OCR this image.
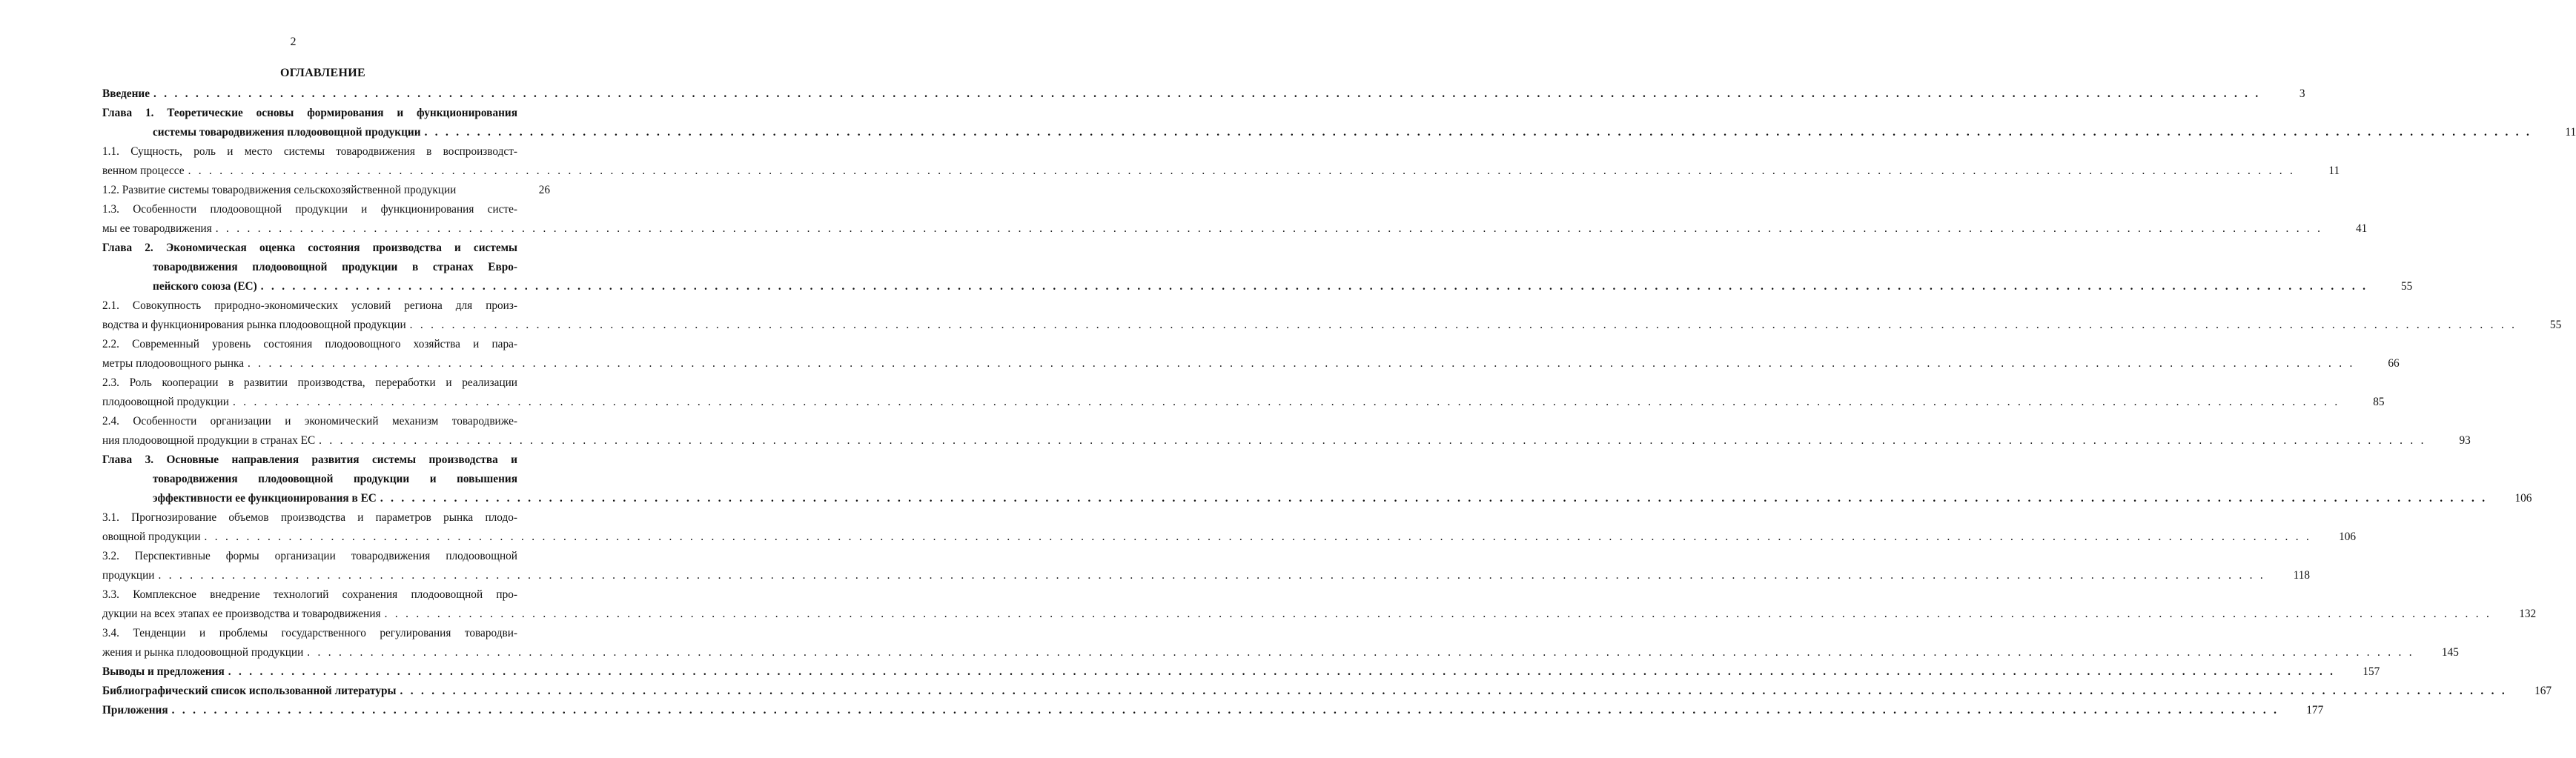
2
ОГЛАВЛЕНИЕ
Введение . . . . . . . . . . . . . . . . . . . . . . . . . . . . . . . . . . . . . . . . . . . . . . . . . . . . . . . . . . . . . . . . . . . . . . . . . . . . . . . . . . . . . . . . . . . . . . . . . . . . . . . . . . . . . . . . . . . . . . . . . . . . . . . . . . . . . . . . . . . . . . . . . . . . . . . . . . . . . . . . . . . . . . . . . . . . . . . . . . . . . . . . . . . . . . . . . . . . . . . .	3
Глава 1. Теоретические основы формирования и функционирования
системы товародвижения плодоовощной продукции . . . . . . . . . . . . . . . . . . . . . . . . . . . . . . . . . . . . . . . . . . . . . . . . . . . . . . . . . . . . . . . . . . . . . . . . . . . . . . . . . . . . . . . . . . . . . . . . . . . . . . . . . . . . . . . . . . . . . . . . . . . . . . . . . . . . . . . . . . . . . . . . . . . . . . . . . . . . . . . . . . . . . . . . . . . . . . . . . . . . . . . . . . . . . . . . . . . . . . . .	11
1.1. Сущность, роль и место системы товародвижения в воспроизводст-
венном процессе . . . . . . . . . . . . . . . . . . . . . . . . . . . . . . . . . . . . . . . . . . . . . . . . . . . . . . . . . . . . . . . . . . . . . . . . . . . . . . . . . . . . . . . . . . . . . . . . . . . . . . . . . . . . . . . . . . . . . . . . . . . . . . . . . . . . . . . . . . . . . . . . . . . . . . . . . . . . . . . . . . . . . . . . . . . . . . . . . . . . . . . . . . . . . . . . . . . . . . . .	11
1.2. Развитие системы товародвижения сельскохозяйственной продукции	26
1.3. Особенности плодоовощной продукции и функционирования систе-
мы ее товародвижения . . . . . . . . . . . . . . . . . . . . . . . . . . . . . . . . . . . . . . . . . . . . . . . . . . . . . . . . . . . . . . . . . . . . . . . . . . . . . . . . . . . . . . . . . . . . . . . . . . . . . . . . . . . . . . . . . . . . . . . . . . . . . . . . . . . . . . . . . . . . . . . . . . . . . . . . . . . . . . . . . . . . . . . . . . . . . . . . . . . . . . . . . . . . . . . . . . . . . . . .	41
Глава 2. Экономическая оценка состояния производства и системы
товародвижения плодоовощной продукции в странах Евро-
пейского союза (ЕС) . . . . . . . . . . . . . . . . . . . . . . . . . . . . . . . . . . . . . . . . . . . . . . . . . . . . . . . . . . . . . . . . . . . . . . . . . . . . . . . . . . . . . . . . . . . . . . . . . . . . . . . . . . . . . . . . . . . . . . . . . . . . . . . . . . . . . . . . . . . . . . . . . . . . . . . . . . . . . . . . . . . . . . . . . . . . . . . . . . . . . . . . . . . . . . . . . . . . . . . .	55
2.1. Совокупность природно-экономических условий региона для произ-
водства и функционирования рынка плодоовощной продукции . . . . . . . . . . . . . . . . . . . . . . . . . . . . . . . . . . . . . . . . . . . . . . . . . . . . . . . . . . . . . . . . . . . . . . . . . . . . . . . . . . . . . . . . . . . . . . . . . . . . . . . . . . . . . . . . . . . . . . . . . . . . . . . . . . . . . . . . . . . . . . . . . . . . . . . . . . . . . . . . . . . . . . . . . . . . . . . . . . . . . . . . . . . . . . . . . . . . . . . .	55
2.2. Современный уровень состояния плодоовощного хозяйства и пара-
метры плодоовощного рынка . . . . . . . . . . . . . . . . . . . . . . . . . . . . . . . . . . . . . . . . . . . . . . . . . . . . . . . . . . . . . . . . . . . . . . . . . . . . . . . . . . . . . . . . . . . . . . . . . . . . . . . . . . . . . . . . . . . . . . . . . . . . . . . . . . . . . . . . . . . . . . . . . . . . . . . . . . . . . . . . . . . . . . . . . . . . . . . . . . . . . . . . . . . . . . . . . . . . . . . .	66
2.3. Роль кооперации в развитии производства, переработки и реализации
плодоовощной продукции . . . . . . . . . . . . . . . . . . . . . . . . . . . . . . . . . . . . . . . . . . . . . . . . . . . . . . . . . . . . . . . . . . . . . . . . . . . . . . . . . . . . . . . . . . . . . . . . . . . . . . . . . . . . . . . . . . . . . . . . . . . . . . . . . . . . . . . . . . . . . . . . . . . . . . . . . . . . . . . . . . . . . . . . . . . . . . . . . . . . . . . . . . . . . . . . . . . . . . . .	85
2.4. Особенности организации и экономический механизм товародвиже-
ния плодоовощной продукции в странах ЕС . . . . . . . . . . . . . . . . . . . . . . . . . . . . . . . . . . . . . . . . . . . . . . . . . . . . . . . . . . . . . . . . . . . . . . . . . . . . . . . . . . . . . . . . . . . . . . . . . . . . . . . . . . . . . . . . . . . . . . . . . . . . . . . . . . . . . . . . . . . . . . . . . . . . . . . . . . . . . . . . . . . . . . . . . . . . . . . . . . . . . . . . . . . . . . . . . . . . . . . .	93
Глава 3. Основные направления развития системы производства и
товародвижения плодоовощной продукции и повышения
эффективности ее функционирования в ЕС . . . . . . . . . . . . . . . . . . . . . . . . . . . . . . . . . . . . . . . . . . . . . . . . . . . . . . . . . . . . . . . . . . . . . . . . . . . . . . . . . . . . . . . . . . . . . . . . . . . . . . . . . . . . . . . . . . . . . . . . . . . . . . . . . . . . . . . . . . . . . . . . . . . . . . . . . . . . . . . . . . . . . . . . . . . . . . . . . . . . . . . . . . . . . . . . . . . . . . . .	106
3.1. Прогнозирование объемов производства и параметров рынка плодо-
овощной продукции . . . . . . . . . . . . . . . . . . . . . . . . . . . . . . . . . . . . . . . . . . . . . . . . . . . . . . . . . . . . . . . . . . . . . . . . . . . . . . . . . . . . . . . . . . . . . . . . . . . . . . . . . . . . . . . . . . . . . . . . . . . . . . . . . . . . . . . . . . . . . . . . . . . . . . . . . . . . . . . . . . . . . . . . . . . . . . . . . . . . . . . . . . . . . . . . . . . . . . . .	106
3.2. Перспективные формы организации товародвижения плодоовощной
продукции . . . . . . . . . . . . . . . . . . . . . . . . . . . . . . . . . . . . . . . . . . . . . . . . . . . . . . . . . . . . . . . . . . . . . . . . . . . . . . . . . . . . . . . . . . . . . . . . . . . . . . . . . . . . . . . . . . . . . . . . . . . . . . . . . . . . . . . . . . . . . . . . . . . . . . . . . . . . . . . . . . . . . . . . . . . . . . . . . . . . . . . . . . . . . . . . . . . . . . . .	118
3.3. Комплексное внедрение технологий сохранения плодоовощной про-
дукции на всех этапах ее производства и товародвижения . . . . . . . . . . . . . . . . . . . . . . . . . . . . . . . . . . . . . . . . . . . . . . . . . . . . . . . . . . . . . . . . . . . . . . . . . . . . . . . . . . . . . . . . . . . . . . . . . . . . . . . . . . . . . . . . . . . . . . . . . . . . . . . . . . . . . . . . . . . . . . . . . . . . . . . . . . . . . . . . . . . . . . . . . . . . . . . . . . . . . . . . . . . . . . . . . . . . . . . .	132
3.4. Тенденции и проблемы государственного регулирования товародви-
жения и рынка плодоовощной продукции . . . . . . . . . . . . . . . . . . . . . . . . . . . . . . . . . . . . . . . . . . . . . . . . . . . . . . . . . . . . . . . . . . . . . . . . . . . . . . . . . . . . . . . . . . . . . . . . . . . . . . . . . . . . . . . . . . . . . . . . . . . . . . . . . . . . . . . . . . . . . . . . . . . . . . . . . . . . . . . . . . . . . . . . . . . . . . . . . . . . . . . . . . . . . . . . . . . . . . . .	145
Выводы и предложения . . . . . . . . . . . . . . . . . . . . . . . . . . . . . . . . . . . . . . . . . . . . . . . . . . . . . . . . . . . . . . . . . . . . . . . . . . . . . . . . . . . . . . . . . . . . . . . . . . . . . . . . . . . . . . . . . . . . . . . . . . . . . . . . . . . . . . . . . . . . . . . . . . . . . . . . . . . . . . . . . . . . . . . . . . . . . . . . . . . . . . . . . . . . . . . . . . . . . . . .	157
Библиографический список использованной литературы . . . . . . . . . . . . . . . . . . . . . . . . . . . . . . . . . . . . . . . . . . . . . . . . . . . . . . . . . . . . . . . . . . . . . . . . . . . . . . . . . . . . . . . . . . . . . . . . . . . . . . . . . . . . . . . . . . . . . . . . . . . . . . . . . . . . . . . . . . . . . . . . . . . . . . . . . . . . . . . . . . . . . . . . . . . . . . . . . . . . . . . . . . . . . . . . . . . . . . . .	167
Приложения . . . . . . . . . . . . . . . . . . . . . . . . . . . . . . . . . . . . . . . . . . . . . . . . . . . . . . . . . . . . . . . . . . . . . . . . . . . . . . . . . . . . . . . . . . . . . . . . . . . . . . . . . . . . . . . . . . . . . . . . . . . . . . . . . . . . . . . . . . . . . . . . . . . . . . . . . . . . . . . . . . . . . . . . . . . . . . . . . . . . . . . . . . . . . . . . . . . . . . . .	177
